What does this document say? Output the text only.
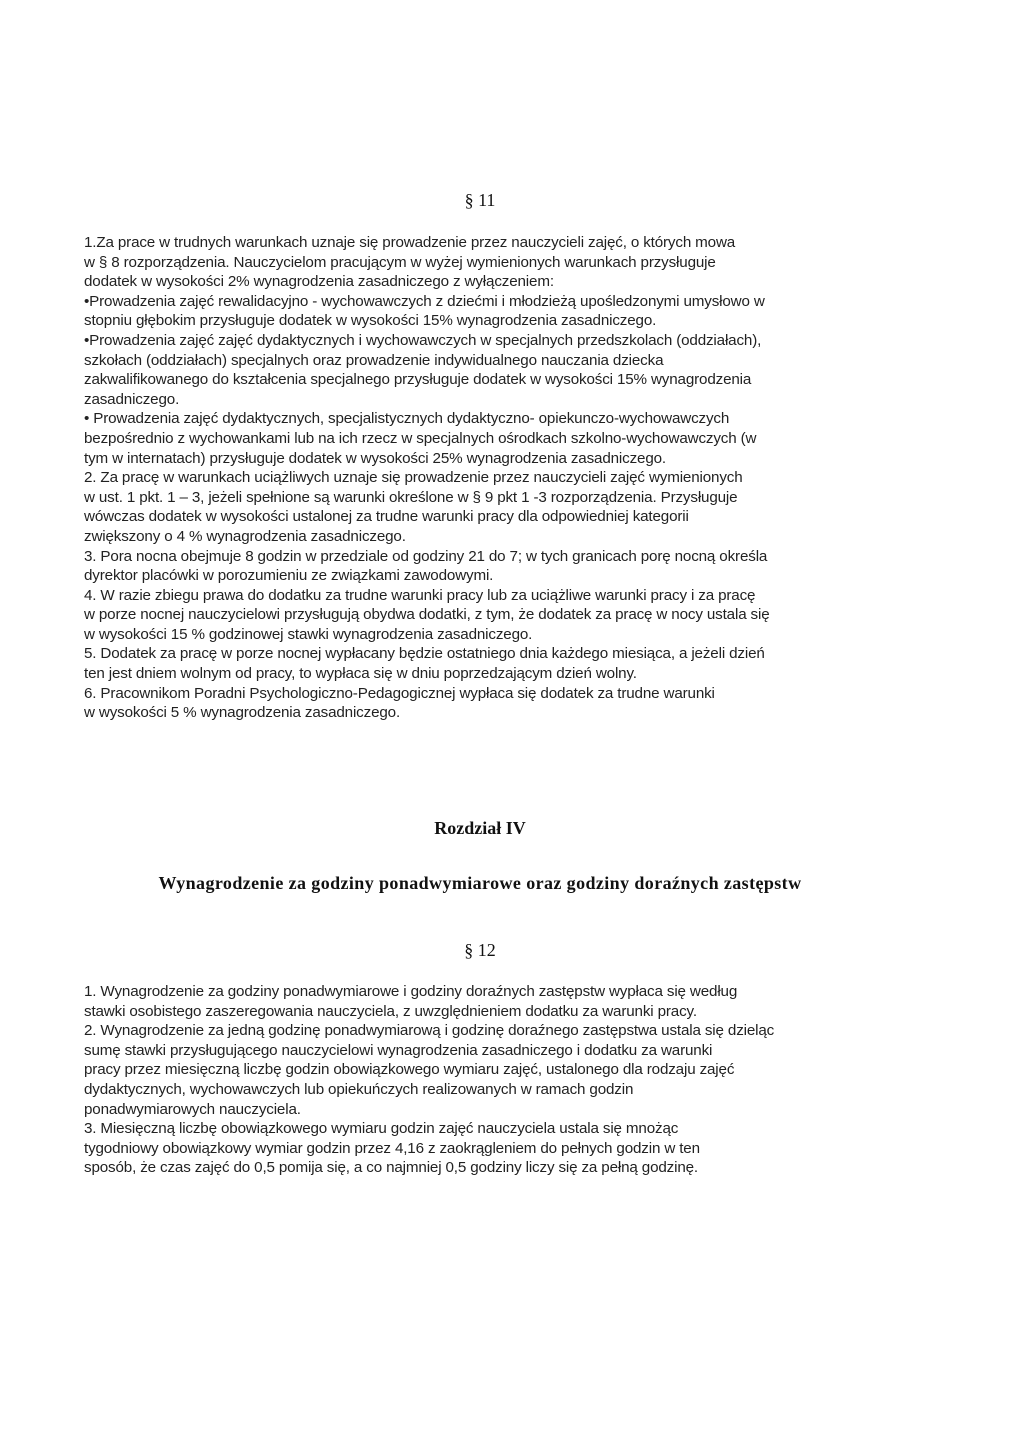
§ 11
1.Za prace w trudnych warunkach uznaje się prowadzenie przez nauczycieli zajęć, o których mowa
w § 8 rozporządzenia. Nauczycielom pracującym w wyżej wymienionych warunkach przysługuje
dodatek w wysokości 2% wynagrodzenia zasadniczego z wyłączeniem:
•Prowadzenia zajęć rewalidacyjno - wychowawczych z dziećmi i młodzieżą upośledzonymi umysłowo w
stopniu głębokim przysługuje dodatek w wysokości 15% wynagrodzenia zasadniczego.
•Prowadzenia zajęć zajęć dydaktycznych i wychowawczych w specjalnych przedszkolach (oddziałach),
szkołach (oddziałach) specjalnych oraz prowadzenie indywidualnego nauczania dziecka
zakwalifikowanego do kształcenia specjalnego przysługuje dodatek w wysokości 15% wynagrodzenia
zasadniczego.
• Prowadzenia zajęć dydaktycznych, specjalistycznych dydaktyczno- opiekunczo-wychowawczych
bezpośrednio z wychowankami lub na ich rzecz w specjalnych ośrodkach szkolno-wychowawczych (w
tym w internatach) przysługuje dodatek w wysokości 25% wynagrodzenia zasadniczego.
2. Za pracę w warunkach uciążliwych uznaje się prowadzenie przez nauczycieli zajęć wymienionych
w ust. 1 pkt. 1 – 3, jeżeli spełnione są warunki określone w § 9 pkt 1 -3 rozporządzenia. Przysługuje
wówczas dodatek w wysokości ustalonej za trudne warunki pracy dla odpowiedniej kategorii
zwiększony o 4 % wynagrodzenia zasadniczego.
3. Pora nocna obejmuje 8 godzin w przedziale od godziny 21 do 7; w tych granicach porę nocną określa
dyrektor placówki w porozumieniu ze związkami zawodowymi.
4. W razie zbiegu prawa do dodatku za trudne warunki pracy lub za uciążliwe warunki pracy i za pracę
w porze nocnej nauczycielowi przysługują obydwa dodatki, z tym, że dodatek za pracę w nocy ustala się
w wysokości 15 % godzinowej stawki wynagrodzenia zasadniczego.
5. Dodatek za pracę w porze nocnej wypłacany będzie ostatniego dnia każdego miesiąca, a jeżeli dzień
ten jest dniem wolnym od pracy, to wypłaca się w dniu poprzedzającym dzień wolny.
6. Pracownikom Poradni Psychologiczno-Pedagogicznej wypłaca się dodatek za trudne warunki
w wysokości 5 % wynagrodzenia zasadniczego.
Rozdział IV
Wynagrodzenie za godziny ponadwymiarowe oraz godziny doraźnych zastępstw
§ 12
1. Wynagrodzenie za godziny ponadwymiarowe i godziny doraźnych zastępstw wypłaca się według
stawki osobistego zaszeregowania nauczyciela, z uwzględnieniem dodatku za warunki pracy.
2. Wynagrodzenie za jedną godzinę ponadwymiarową i godzinę doraźnego zastępstwa ustala się dzieląc
sumę stawki przysługującego nauczycielowi wynagrodzenia zasadniczego i dodatku za warunki
pracy przez miesięczną liczbę godzin obowiązkowego wymiaru zajęć, ustalonego dla rodzaju zajęć
dydaktycznych, wychowawczych lub opiekuńczych realizowanych w ramach godzin
ponadwymiarowych nauczyciela.
3. Miesięczną liczbę obowiązkowego wymiaru godzin zajęć nauczyciela ustala się mnożąc
tygodniowy obowiązkowy wymiar godzin przez 4,16 z zaokrągleniem do pełnych godzin w ten
sposób, że czas zajęć do 0,5 pomija się, a co najmniej 0,5 godziny liczy się za pełną godzinę.
